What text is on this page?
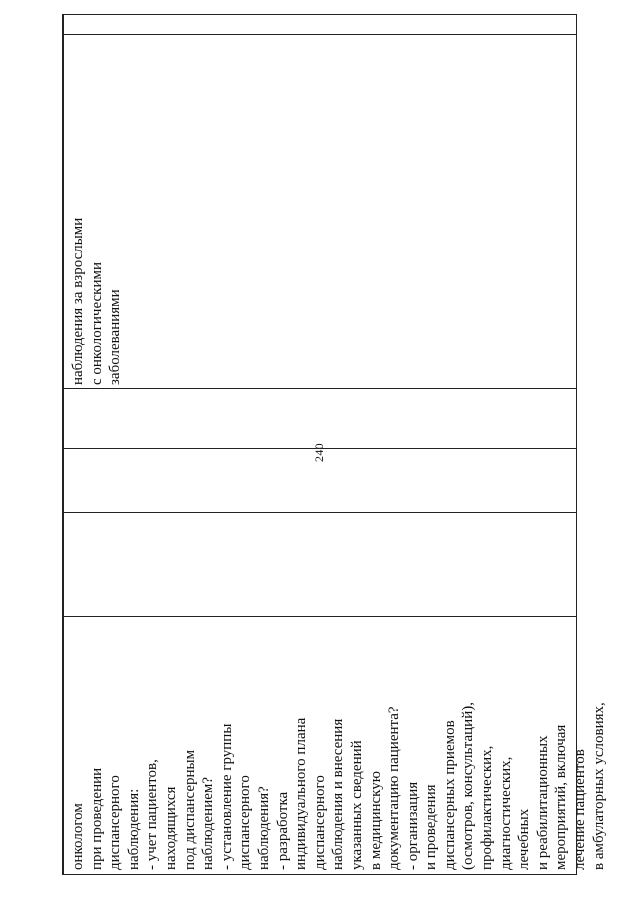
240
онкологом при проведении диспансерного наблюдения: - учет пациентов, находящихся под диспансерным наблюдением? - установление группы диспансерного наблюдения? - разработка индивидуального плана диспансерного наблюдения и внесения указанных сведений в медицинскую документацию пациента? - организация и проведения диспансерных приемов (осмотров, консультаций), профилактических, диагностических, лечебных и реабилитационных мероприятий, включая лечение пациентов в амбулаторных условиях,
наблюдения за взрослыми с онкологическими заболеваниями
